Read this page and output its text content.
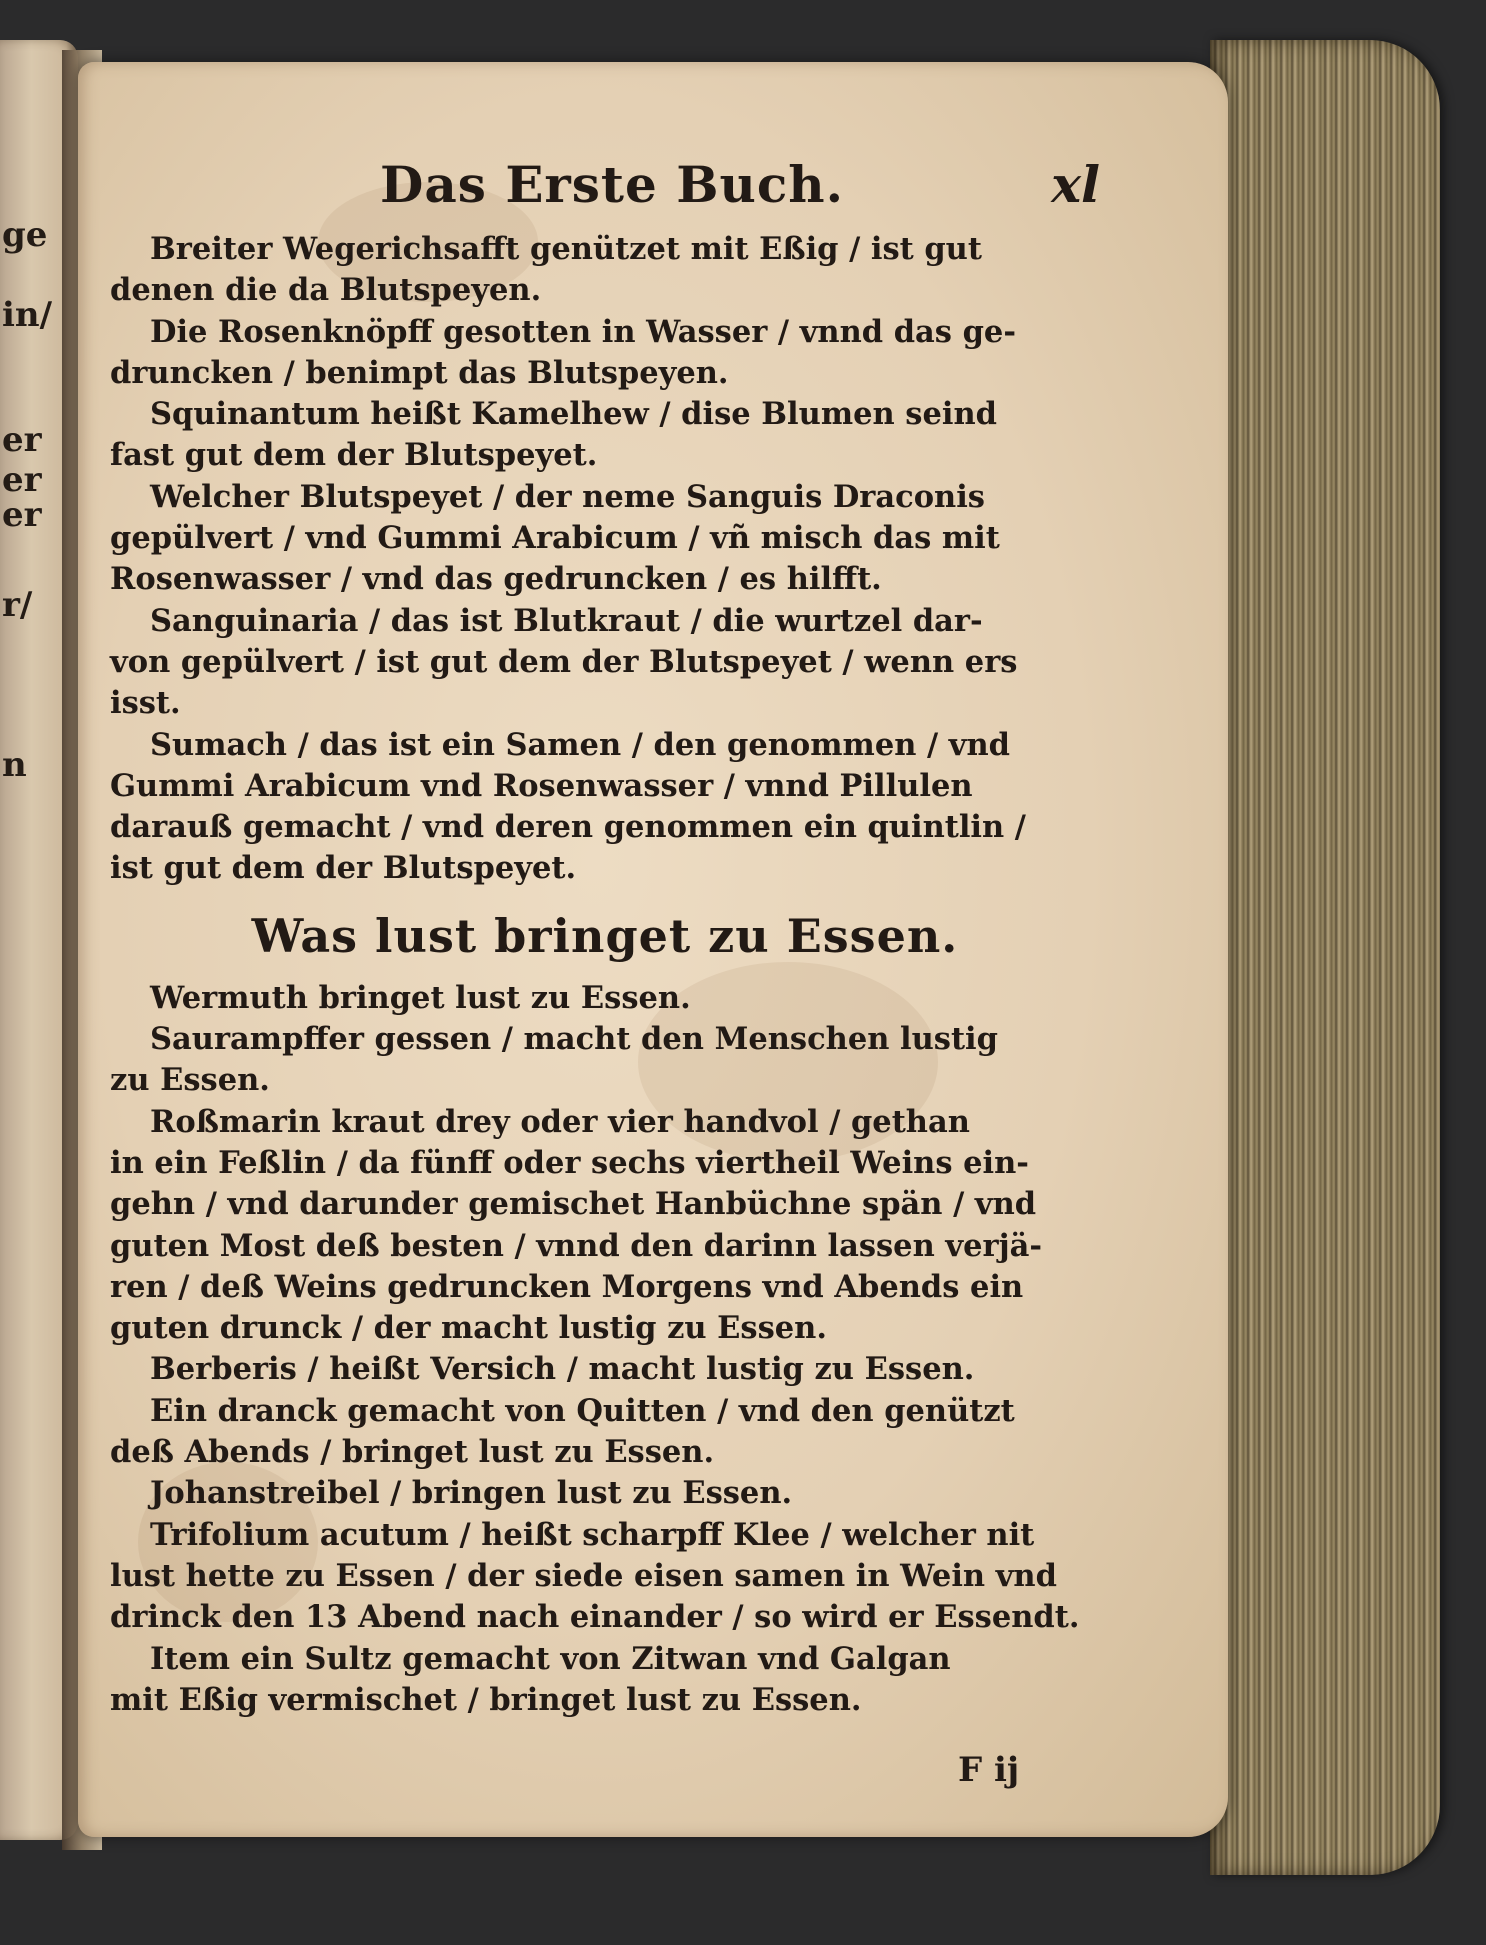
ge
in/
er
er
er
r/
n
F ij
Das Erste Buch.	xl
Breiter Wegerichsafft genützet mit Eßig / ist gut
denen die da Blutspeyen.
Die Rosenknöpff gesotten in Wasser / vnnd das ge-
druncken / benimpt das Blutspeyen.
Squinantum heißt Kamelhew / dise Blumen seind
fast gut dem der Blutspeyet.
Welcher Blutspeyet / der neme Sanguis Draconis
gepülvert / vnd Gummi Arabicum / vñ misch das mit
Rosenwasser / vnd das gedruncken / es hilfft.
Sanguinaria / das ist Blutkraut / die wurtzel dar-
von gepülvert / ist gut dem der Blutspeyet / wenn ers
isst.
Sumach / das ist ein Samen / den genommen / vnd
Gummi Arabicum vnd Rosenwasser / vnnd Pillulen
darauß gemacht / vnd deren genommen ein quintlin /
ist gut dem der Blutspeyet.
Was lust bringet zu Essen.
Wermuth bringet lust zu Essen.
Saurampffer gessen / macht den Menschen lustig
zu Essen.
Roßmarin kraut drey oder vier handvol / gethan
in ein Feßlin / da fünff oder sechs viertheil Weins ein-
gehn / vnd darunder gemischet Hanbüchne spän / vnd
guten Most deß besten / vnnd den darinn lassen verjä-
ren / deß Weins gedruncken Morgens vnd Abends ein
guten drunck / der macht lustig zu Essen.
Berberis / heißt Versich / macht lustig zu Essen.
Ein dranck gemacht von Quitten / vnd den genützt
deß Abends / bringet lust zu Essen.
Johanstreibel / bringen lust zu Essen.
Trifolium acutum / heißt scharpff Klee / welcher nit
lust hette zu Essen / der siede eisen samen in Wein vnd
drinck den 13 Abend nach einander / so wird er Essendt.
Item ein Sultz gemacht von Zitwan vnd Galgan
mit Eßig vermischet / bringet lust zu Essen.
